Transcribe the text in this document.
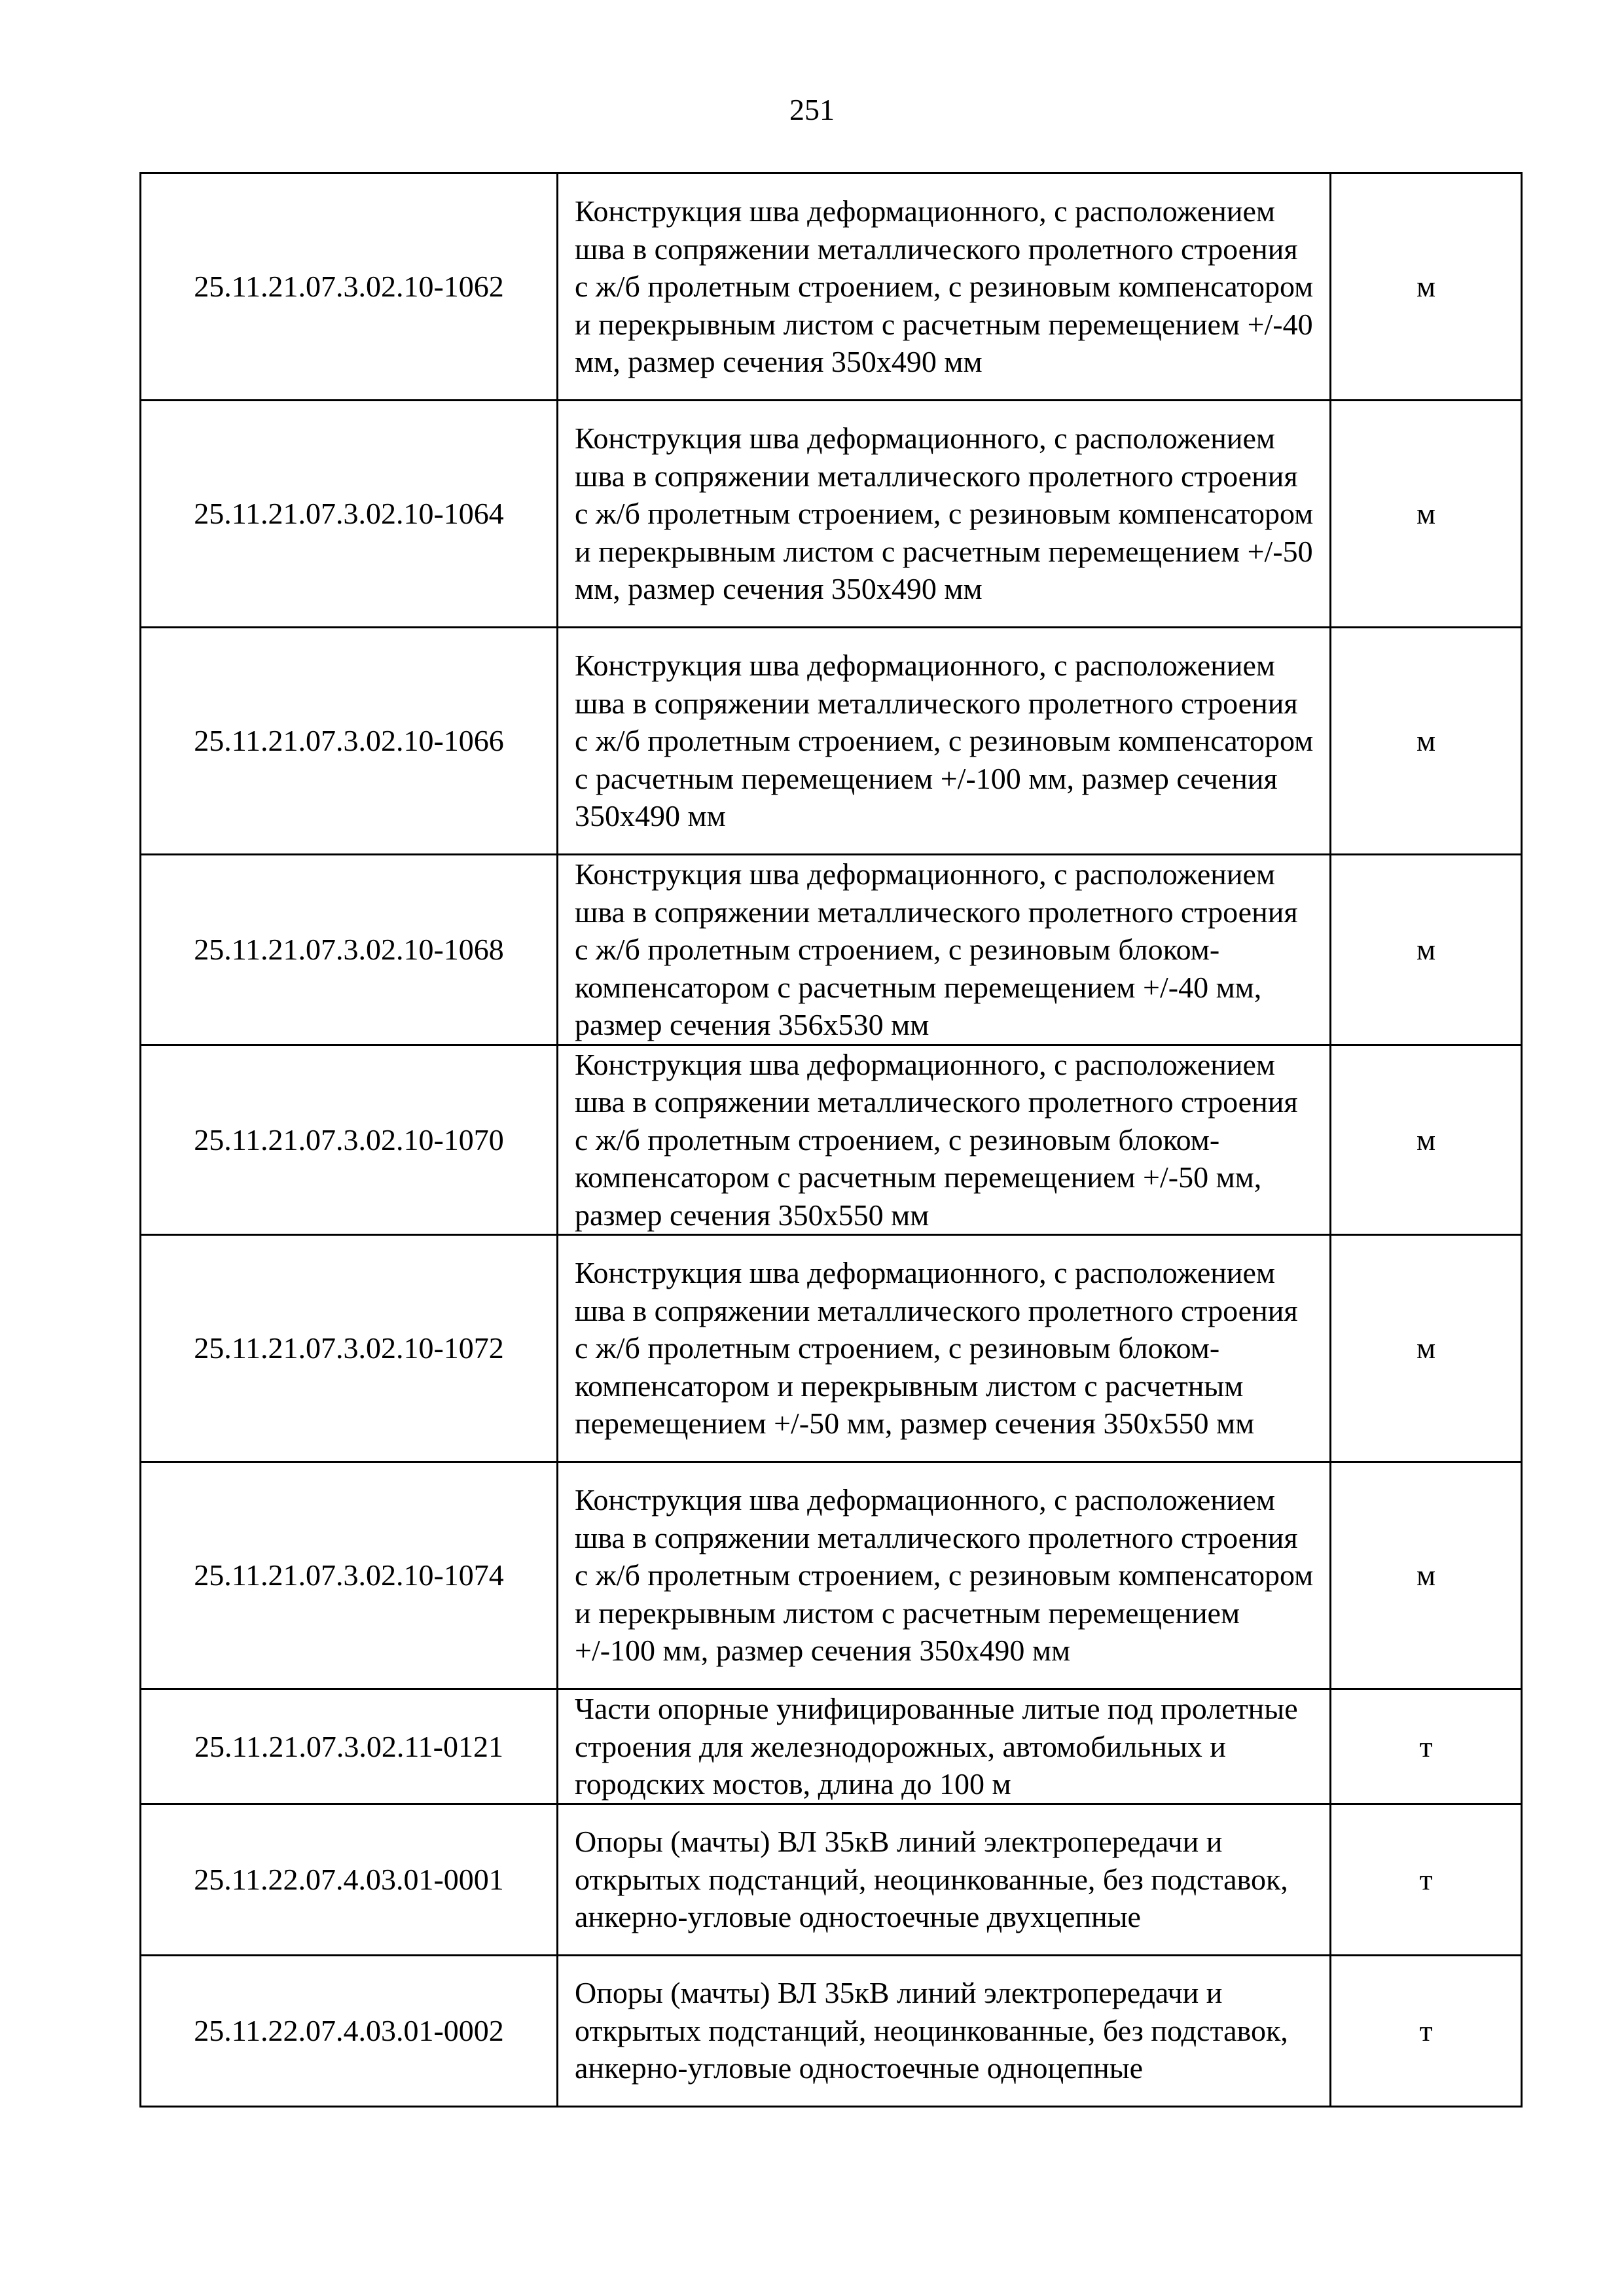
251
25.11.21.07.3.02.10-1062	Конструкция шва деформационного, с расположением шва в сопряжении металлического пролетного строения с ж/б пролетным строением, с резиновым компенсатором и перекрывным листом с расчетным перемещением +/-40 мм, размер сечения 350х490 мм	м
25.11.21.07.3.02.10-1064	Конструкция шва деформационного, с расположением шва в сопряжении металлического пролетного строения с ж/б пролетным строением, с резиновым компенсатором и перекрывным листом с расчетным перемещением +/-50 мм, размер сечения 350х490 мм	м
25.11.21.07.3.02.10-1066	Конструкция шва деформационного, с расположением шва в сопряжении металлического пролетного строения с ж/б пролетным строением, с резиновым компенсатором с расчетным перемещением +/-100 мм, размер сечения 350х490 мм	м
25.11.21.07.3.02.10-1068	Конструкция шва деформационного, с расположением шва в сопряжении металлического пролетного строения с ж/б пролетным строением, с резиновым блоком-компенсатором с расчетным перемещением +/-40 мм, размер сечения 356х530 мм	м
25.11.21.07.3.02.10-1070	Конструкция шва деформационного, с расположением шва в сопряжении металлического пролетного строения с ж/б пролетным строением, с резиновым блоком-компенсатором с расчетным перемещением +/-50 мм, размер сечения 350х550 мм	м
25.11.21.07.3.02.10-1072	Конструкция шва деформационного, с расположением шва в сопряжении металлического пролетного строения с ж/б пролетным строением, с резиновым блоком-компенсатором и перекрывным листом с расчетным перемещением +/-50 мм, размер сечения 350х550 мм	м
25.11.21.07.3.02.10-1074	Конструкция шва деформационного, с расположением шва в сопряжении металлического пролетного строения с ж/б пролетным строением, с резиновым компенсатором и перекрывным листом с расчетным перемещением +/-100 мм, размер сечения 350х490 мм	м
25.11.21.07.3.02.11-0121	Части опорные унифицированные литые под пролетные строения для железнодорожных, автомобильных и городских мостов, длина до 100 м	т
25.11.22.07.4.03.01-0001	Опоры (мачты) ВЛ 35кВ линий электропередачи и открытых подстанций, неоцинкованные, без подставок, анкерно-угловые одностоечные двухцепные	т
25.11.22.07.4.03.01-0002	Опоры (мачты) ВЛ 35кВ линий электропередачи и открытых подстанций, неоцинкованные, без подставок, анкерно-угловые одностоечные одноцепные	т
